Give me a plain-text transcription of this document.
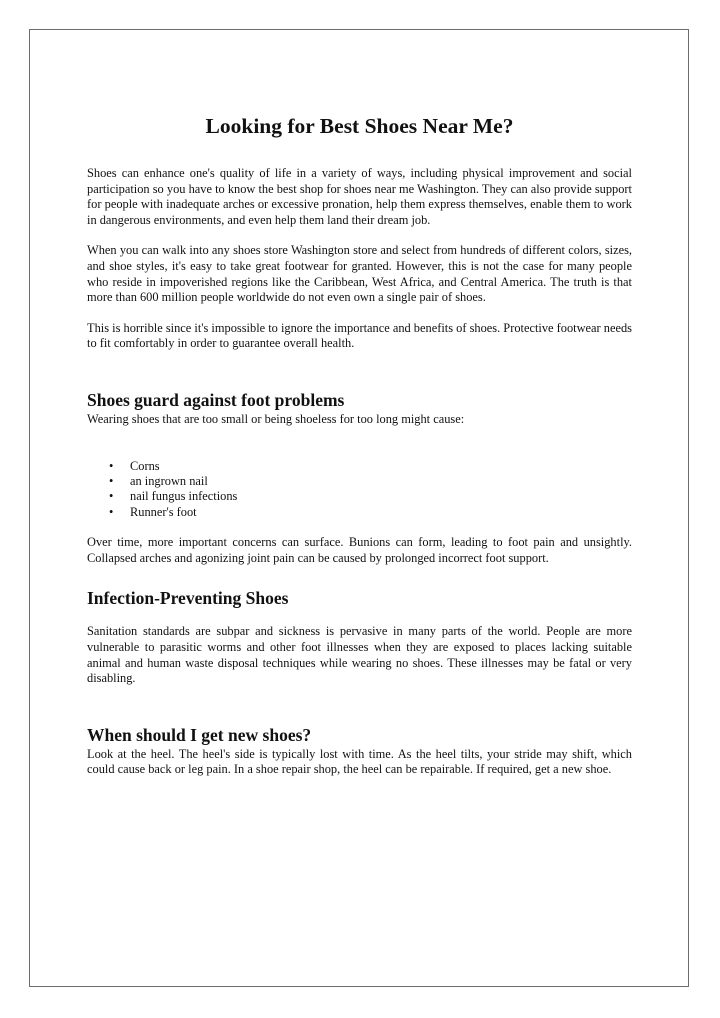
Looking for Best Shoes Near Me?

Shoes can enhance one's quality of life in a variety of ways, including physical improvement and social participation so you have to know the best shop for shoes near me Washington. They can also provide support for people with inadequate arches or excessive pronation, help them express themselves, enable them to work in dangerous environments, and even help them land their dream job.

When you can walk into any shoes store Washington store and select from hundreds of different colors, sizes, and shoe styles, it's easy to take great footwear for granted. However, this is not the case for many people who reside in impoverished regions like the Caribbean, West Africa, and Central America. The truth is that more than 600 million people worldwide do not even own a single pair of shoes.

This is horrible since it's impossible to ignore the importance and benefits of shoes. Protective footwear needs to fit comfortably in order to guarantee overall health.

Shoes guard against foot problems

Wearing shoes that are too small or being shoeless for too long might cause:

• Corns
• an ingrown nail
• nail fungus infections
• Runner's foot

Over time, more important concerns can surface. Bunions can form, leading to foot pain and unsightly. Collapsed arches and agonizing joint pain can be caused by prolonged incorrect foot support.

Infection-Preventing Shoes

Sanitation standards are subpar and sickness is pervasive in many parts of the world. People are more vulnerable to parasitic worms and other foot illnesses when they are exposed to places lacking suitable animal and human waste disposal techniques while wearing no shoes. These illnesses may be fatal or very disabling.

When should I get new shoes?

Look at the heel. The heel's side is typically lost with time. As the heel tilts, your stride may shift, which could cause back or leg pain. In a shoe repair shop, the heel can be repairable. If required, get a new shoe.
